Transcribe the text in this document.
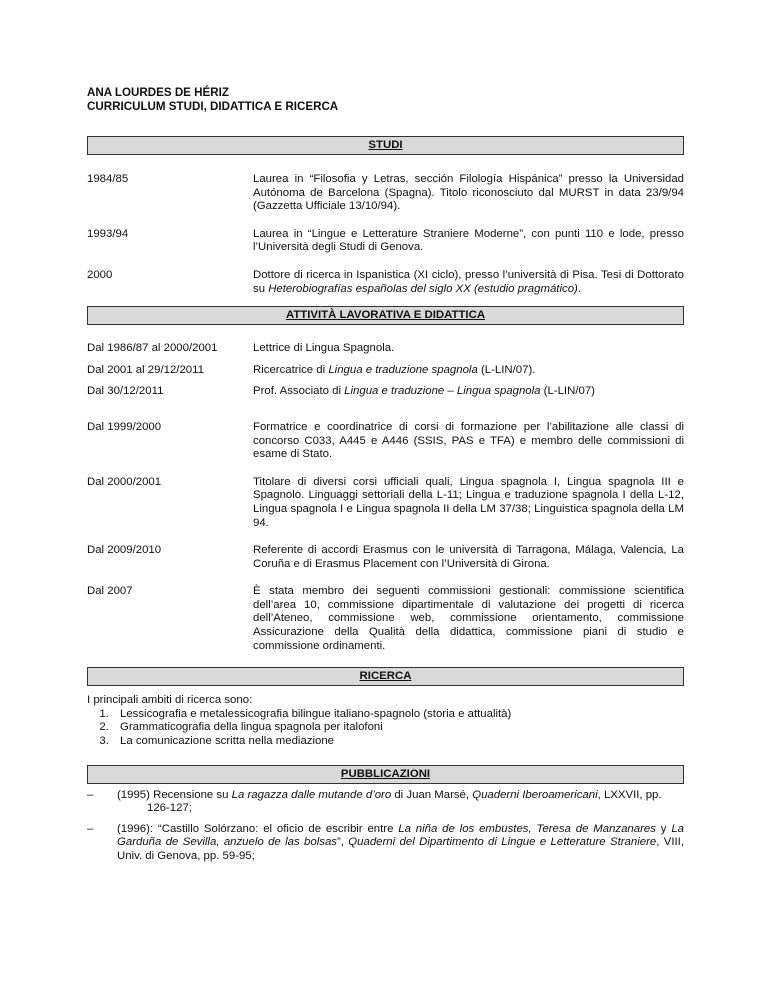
ANA LOURDES DE HÉRIZ
CURRICULUM STUDI, DIDATTICA E RICERCA
STUDI
1984/85	Laurea in “Filosofia y Letras, sección Filología Hispánica” presso la Universidad Autónoma de Barcelona (Spagna). Titolo riconosciuto dal MURST in data 23/9/94 (Gazzetta Ufficiale 13/10/94).
1993/94	Laurea in “Lingue e Letterature Straniere Moderne”, con punti 110 e lode, presso l’Università degli Studi di Genova.
2000	Dottore di ricerca in Ispanistica (XI ciclo), presso l’università di Pisa. Tesi di Dottorato su Heterobiografías españolas del siglo XX (estudio pragmático).
ATTIVITÀ LAVORATIVA E DIDATTICA
Dal 1986/87 al 2000/2001	Lettrice di Lingua Spagnola.
Dal 2001 al 29/12/2011	Ricercatrice di Lingua e traduzione spagnola (L-LIN/07).
Dal 30/12/2011	Prof. Associato di Lingua e traduzione – Lingua spagnola (L-LIN/07)
Dal 1999/2000	Formatrice e coordinatrice di corsi di formazione per l’abilitazione alle classi di concorso C033, A445 e A446 (SSIS, PAS e TFA) e membro delle commissioni di esame di Stato.
Dal 2000/2001	Titolare di diversi corsi ufficiali quali, Lingua spagnola I, Lingua spagnola III e Spagnolo. Linguaggi settoriali della L-11; Lingua e traduzione spagnola I della L-12, Lingua spagnola I e Lingua spagnola II della LM 37/38; Linguistica spagnola della LM 94.
Dal 2009/2010	Referente di accordi Erasmus con le università di Tarragona, Málaga, Valencia, La Coruña e di Erasmus Placement con l’Università di Girona.
Dal 2007	È stata membro dei seguenti commissioni gestionali: commissione scientifica dell’area 10, commissione dipartimentale di valutazione dei progetti di ricerca dell’Ateneo, commissione web, commissione orientamento, commissione Assicurazione della Qualità della didattica, commissione piani di studio e commissione ordinamenti.
RICERCA
I principali ambiti di ricerca sono:
1. Lessicografia e metalessicografia bilingue italiano-spagnolo (storia e attualità)
2. Grammaticografia della lingua spagnola per italofoni
3. La comunicazione scritta nella mediazione
PUBBLICAZIONI
–	(1995) Recensione su La ragazza dalle mutande d’oro di Juan Marsé, Quaderni Iberoamericani, LXXVII, pp.
126-127;
–	(1996): “Castillo Solórzano: el oficio de escribir entre La niña de los embustes, Teresa de Manzanares y La Garduña de Sevilla, anzuelo de las bolsas”, Quaderni del Dipartimento di Lingue e Letterature Straniere, VIII, Univ. di Genova, pp. 59-95;
